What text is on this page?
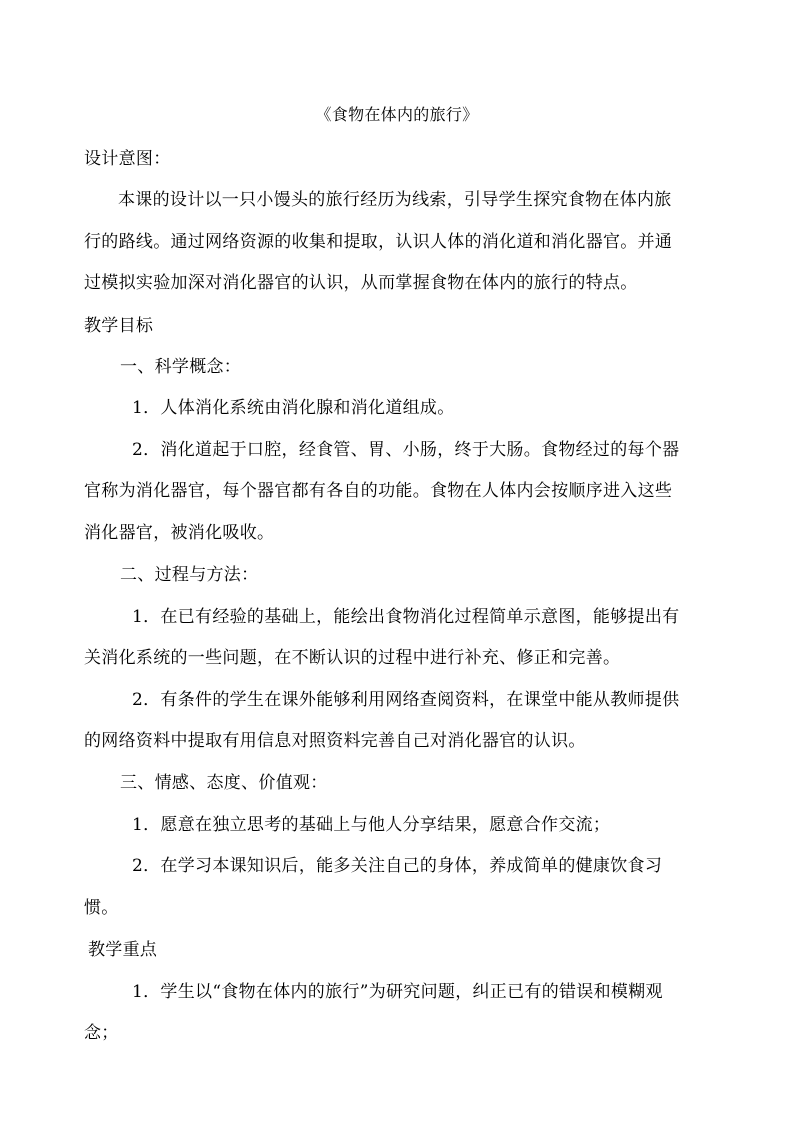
《食物在体内的旅行》
设计意图：
本课的设计以一只小馒头的旅行经历为线索，引导学生探究食物在体内旅
行的路线。通过网络资源的收集和提取，认识人体的消化道和消化器官。并通
过模拟实验加深对消化器官的认识，从而掌握食物在体内的旅行的特点。
教学目标
一、科学概念：
1．人体消化系统由消化腺和消化道组成。
2．消化道起于口腔，经食管、胃、小肠，终于大肠。食物经过的每个器
官称为消化器官，每个器官都有各自的功能。食物在人体内会按顺序进入这些
消化器官，被消化吸收。
二、过程与方法：
1．在已有经验的基础上，能绘出食物消化过程简单示意图，能够提出有
关消化系统的一些问题，在不断认识的过程中进行补充、修正和完善。
2．有条件的学生在课外能够利用网络查阅资料，在课堂中能从教师提供
的网络资料中提取有用信息对照资料完善自己对消化器官的认识。
三、情感、态度、价值观：
1．愿意在独立思考的基础上与他人分享结果，愿意合作交流；
2．在学习本课知识后，能多关注自己的身体，养成简单的健康饮食习
惯。
教学重点
1．学生以“食物在体内的旅行”为研究问题，纠正已有的错误和模糊观
念；
